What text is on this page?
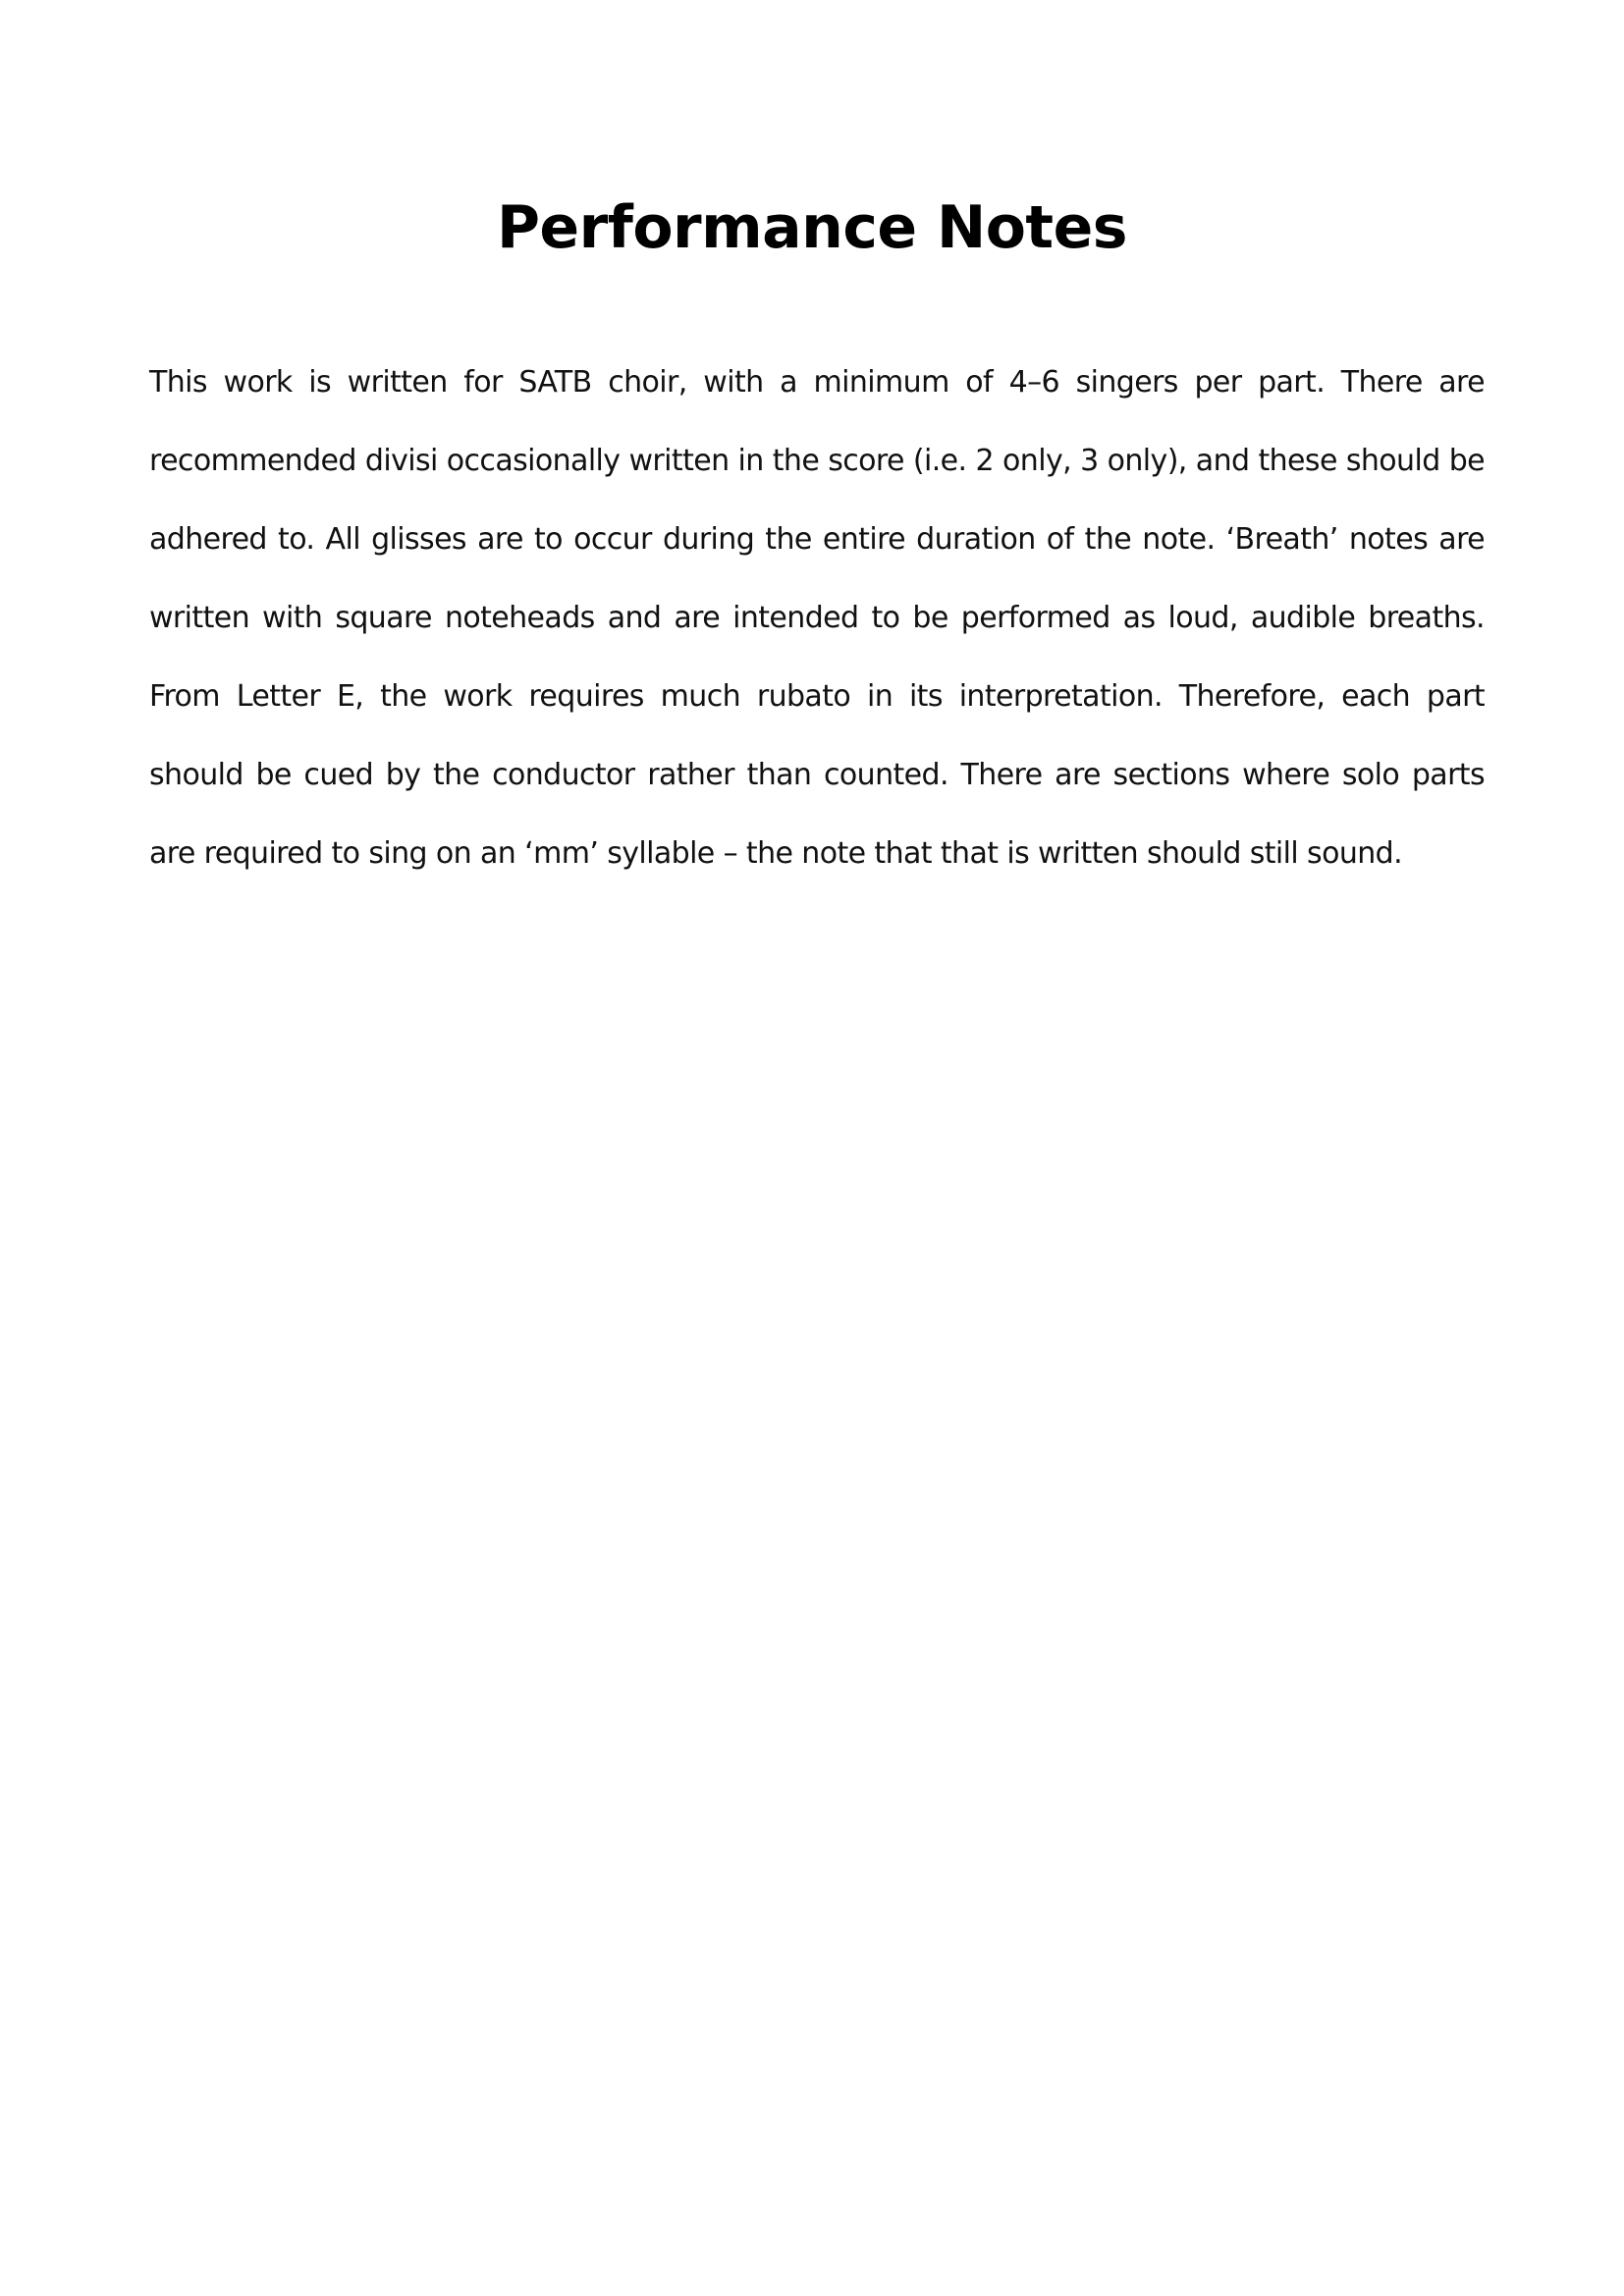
Performance Notes

This work is written for SATB choir, with a minimum of 4–6 singers per part. There are recommended divisi occasionally written in the score (i.e. 2 only, 3 only), and these should be adhered to. All glisses are to occur during the entire duration of the note. ‘Breath’ notes are written with square noteheads and are intended to be performed as loud, audible breaths. From Letter E, the work requires much rubato in its interpretation. Therefore, each part should be cued by the conductor rather than counted. There are sections where solo parts are required to sing on an ‘mm’ syllable – the note that that is written should still sound.
